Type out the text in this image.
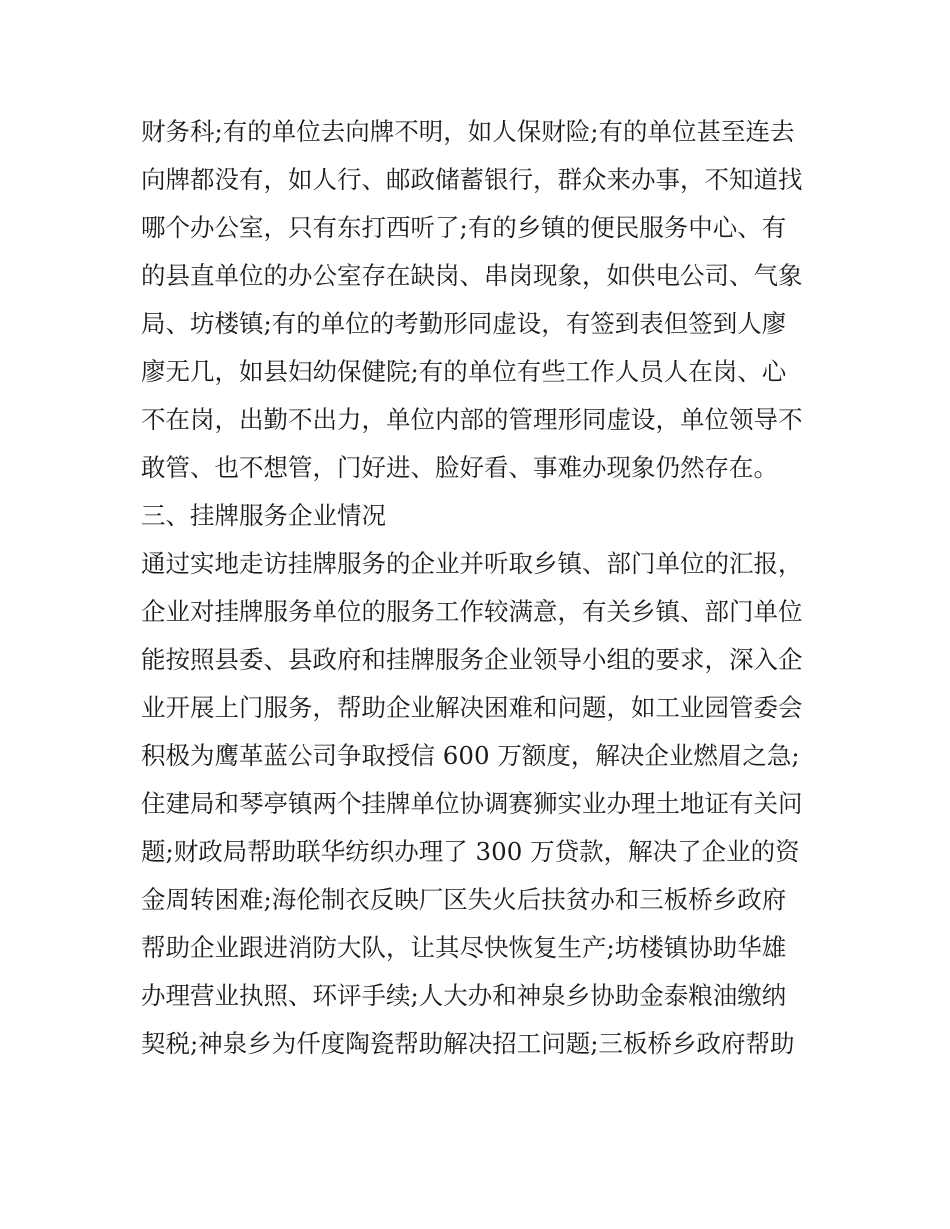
财务科;有的单位去向牌不明，如人保财险;有的单位甚至连去

向牌都没有，如人行、邮政储蓄银行，群众来办事，不知道找

哪个办公室，只有东打西听了;有的乡镇的便民服务中心、有

的县直单位的办公室存在缺岗、串岗现象，如供电公司、气象

局、坊楼镇;有的单位的考勤形同虚设，有签到表但签到人廖

廖无几，如县妇幼保健院;有的单位有些工作人员人在岗、心

不在岗，出勤不出力，单位内部的管理形同虚设，单位领导不

敢管、也不想管，门好进、脸好看、事难办现象仍然存在。

三、挂牌服务企业情况

通过实地走访挂牌服务的企业并听取乡镇、部门单位的汇报，

企业对挂牌服务单位的服务工作较满意，有关乡镇、部门单位

能按照县委、县政府和挂牌服务企业领导小组的要求，深入企

业开展上门服务，帮助企业解决困难和问题，如工业园管委会

积极为鹰革蓝公司争取授信 600 万额度，解决企业燃眉之急;

住建局和琴亭镇两个挂牌单位协调赛狮实业办理土地证有关问

题;财政局帮助联华纺织办理了 300 万贷款，解决了企业的资

金周转困难;海伦制衣反映厂区失火后扶贫办和三板桥乡政府

帮助企业跟进消防大队，让其尽快恢复生产;坊楼镇协助华雄

办理营业执照、环评手续;人大办和神泉乡协助金泰粮油缴纳

契税;神泉乡为仟度陶瓷帮助解决招工问题;三板桥乡政府帮助
